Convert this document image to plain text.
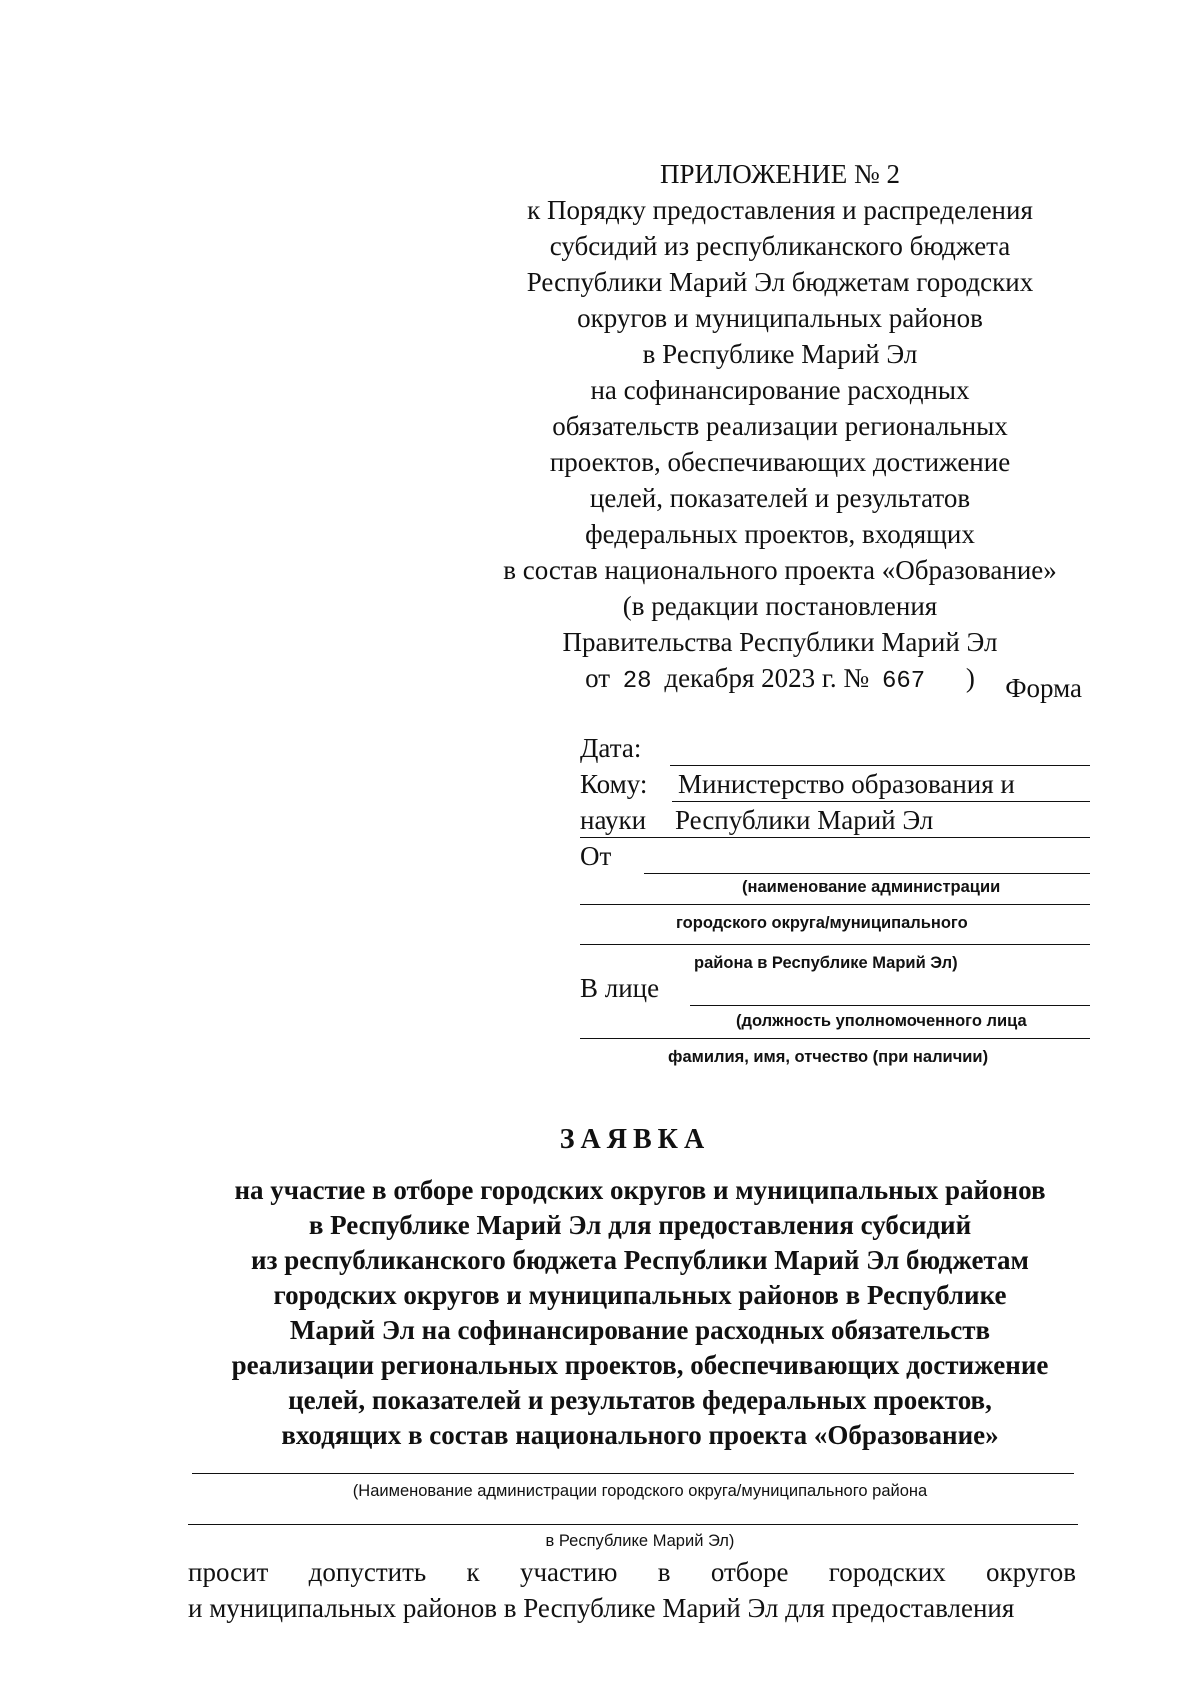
ПРИЛОЖЕНИЕ № 2
к Порядку предоставления и распределения
субсидий из республиканского бюджета
Республики Марий Эл бюджетам городских
округов и муниципальных районов
в Республике Марий Эл
на софинансирование расходных
обязательств реализации региональных
проектов, обеспечивающих достижение
целей, показателей и результатов
федеральных проектов, входящих
в состав национального проекта «Образование»
(в редакции постановления
Правительства Республики Марий Эл
от 28 декабря 2023 г. № 667 )	Форма
Дата:
Кому: Министерство образования и
науки Республики Марий Эл
От
(наименование администрации
городского округа/муниципального
района в Республике Марий Эл)
В лице
(должность уполномоченного лица
фамилия, имя, отчество (при наличии)
ЗАЯВКА
на участие в отборе городских округов и муниципальных районов
в Республике Марий Эл для предоставления субсидий
из республиканского бюджета Республики Марий Эл бюджетам
городских округов и муниципальных районов в Республике
Марий Эл на софинансирование расходных обязательств
реализации региональных проектов, обеспечивающих достижение
целей, показателей и результатов федеральных проектов,
входящих в состав национального проекта «Образование»
(Наименование администрации городского округа/муниципального района
в Республике Марий Эл)
просит допустить к участию в отборе городских округов
и муниципальных районов в Республике Марий Эл для предоставления
